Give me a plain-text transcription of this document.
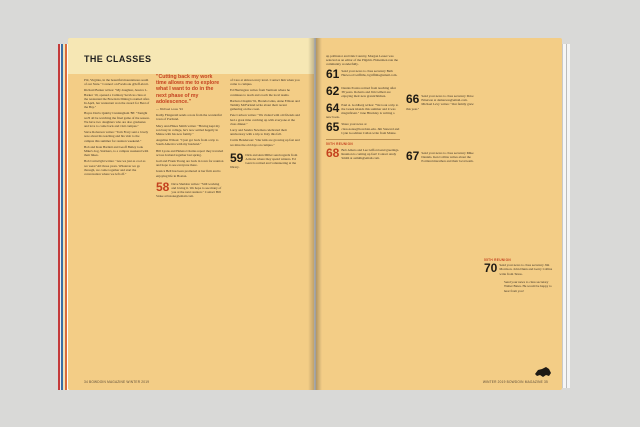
THE CLASSES

Pitt, Virginia, in the beautiful mountainous south of our State." Connect on Facebook @Jeff.alcott.

Richard Barker writes: "My daughter, Jessica L. Barker '19, opened a Culinary Services class at the restaurant the Bowdoin Dining is named after. In April, her restaurant won the award for Best of the Bay."

Hayes Davis Quinby Cunningham '88: "Tonight we'll all be watching the final game of the season. We have two daughters who are also graduates and love to come back and visit campus."

Steve Roberson writes: "Tom Frary sent a lovely note about his teaching and his visit to the campus this summer for reunion weekend."

Bob and Kate Bartlett and Geoff Bailey took Mike's dog, Snickers, to a campus weekend with their bikes.

Bob Cartwright writes: "Are we just as cool as we were? All those years. Whatever we go through, we come together and start the conversation where we left off."

"Cutting back my work time allows me to explore what I want to do in the next phase of my adolescence."

— Michael Lowe '94

Kathy Fitzgerald sends a note from the wonderful town of Portland.

Mary Ann Hines Smith writes: "Having kept my son busy in college, he's now settled happily in Maine with his new family."

Angelina Wilson: "I just got back from a trip to South America with my husband."

Bill Lyons and Helena Charles report they traveled across Iceland together last spring.

Gail and Frank Young are back in town for reunion and hope to see everyone there.

Jessica Bell has been promoted at her firm and is enjoying life in Boston.

58 Dave Sheldon writes: "Still working and loving it. We hope to see many of you at the next reunion." Contact Bill Stoke at bstoke@email.com.

of Care at almost every level. Contact him when you come to campus.

Ed Harrington writes from Vermont where he continues to teach and coach the local teams.

Barbara Chaplin '91, Brenda Giles, Anne Ellison and Tammy McFarland write about their recent gathering on the coast.

Pete Carlson writes: "We visited with old friends and had a great time catching up with everyone at the class dinner."

Larry and Sandra Newman celebrated their anniversary with a trip to Italy this fall.

Curtis Henderson: "Our kids are growing up fast and we miss the old days on campus."

59 Dick and Ann Miller send regards from Arizona where they spend winters. Ed Gerst is retired and volunteering at the library.
34 BOWDOIN MAGAZINE WINTER 2019

up pollinator and Oak Country, Morgan Lesser was selected as an editor of the Pilgrim. Fishermen rate the community wonderfully.

61 Send your news to class secretary Beth Harwood Griffiths, bgriffiths@email.com.
62 Dennis Poulos retired from teaching after 38 years. Roberta and Jim Gilbert are enjoying their new grandchildren.
64 Paul A. Goldberg writes: "We took a trip to the Greek islands this summer and it was magnificent." Jane Hinckley is writing a new book.
65 Share your news at class.notes@bowdoin.edu. Jim Steward and Lynn Goodman Callan write from Maine.
50TH REUNION
68 Bob Amato and Lee Gifford send greetings. Reunion is coming up fast! Contact Andy Smith at asmith@email.com.
66 Send your news to class secretary Dave Emerson at demerson@email.com. Michael Levy writes: "Our family grew this year."
67 Send your news to class secretary Mike Daniels. Ken Collins writes about the Portland marathon and their local team.
55TH REUNION
70 Send your news to class secretary Jim Morrison. John Dunn and Gerry Collins write from Texas.

Send your news to class secretary Walter Bates. He would be happy to hear from you!

WINTER 2019 BOWDOIN MAGAZINE 35
